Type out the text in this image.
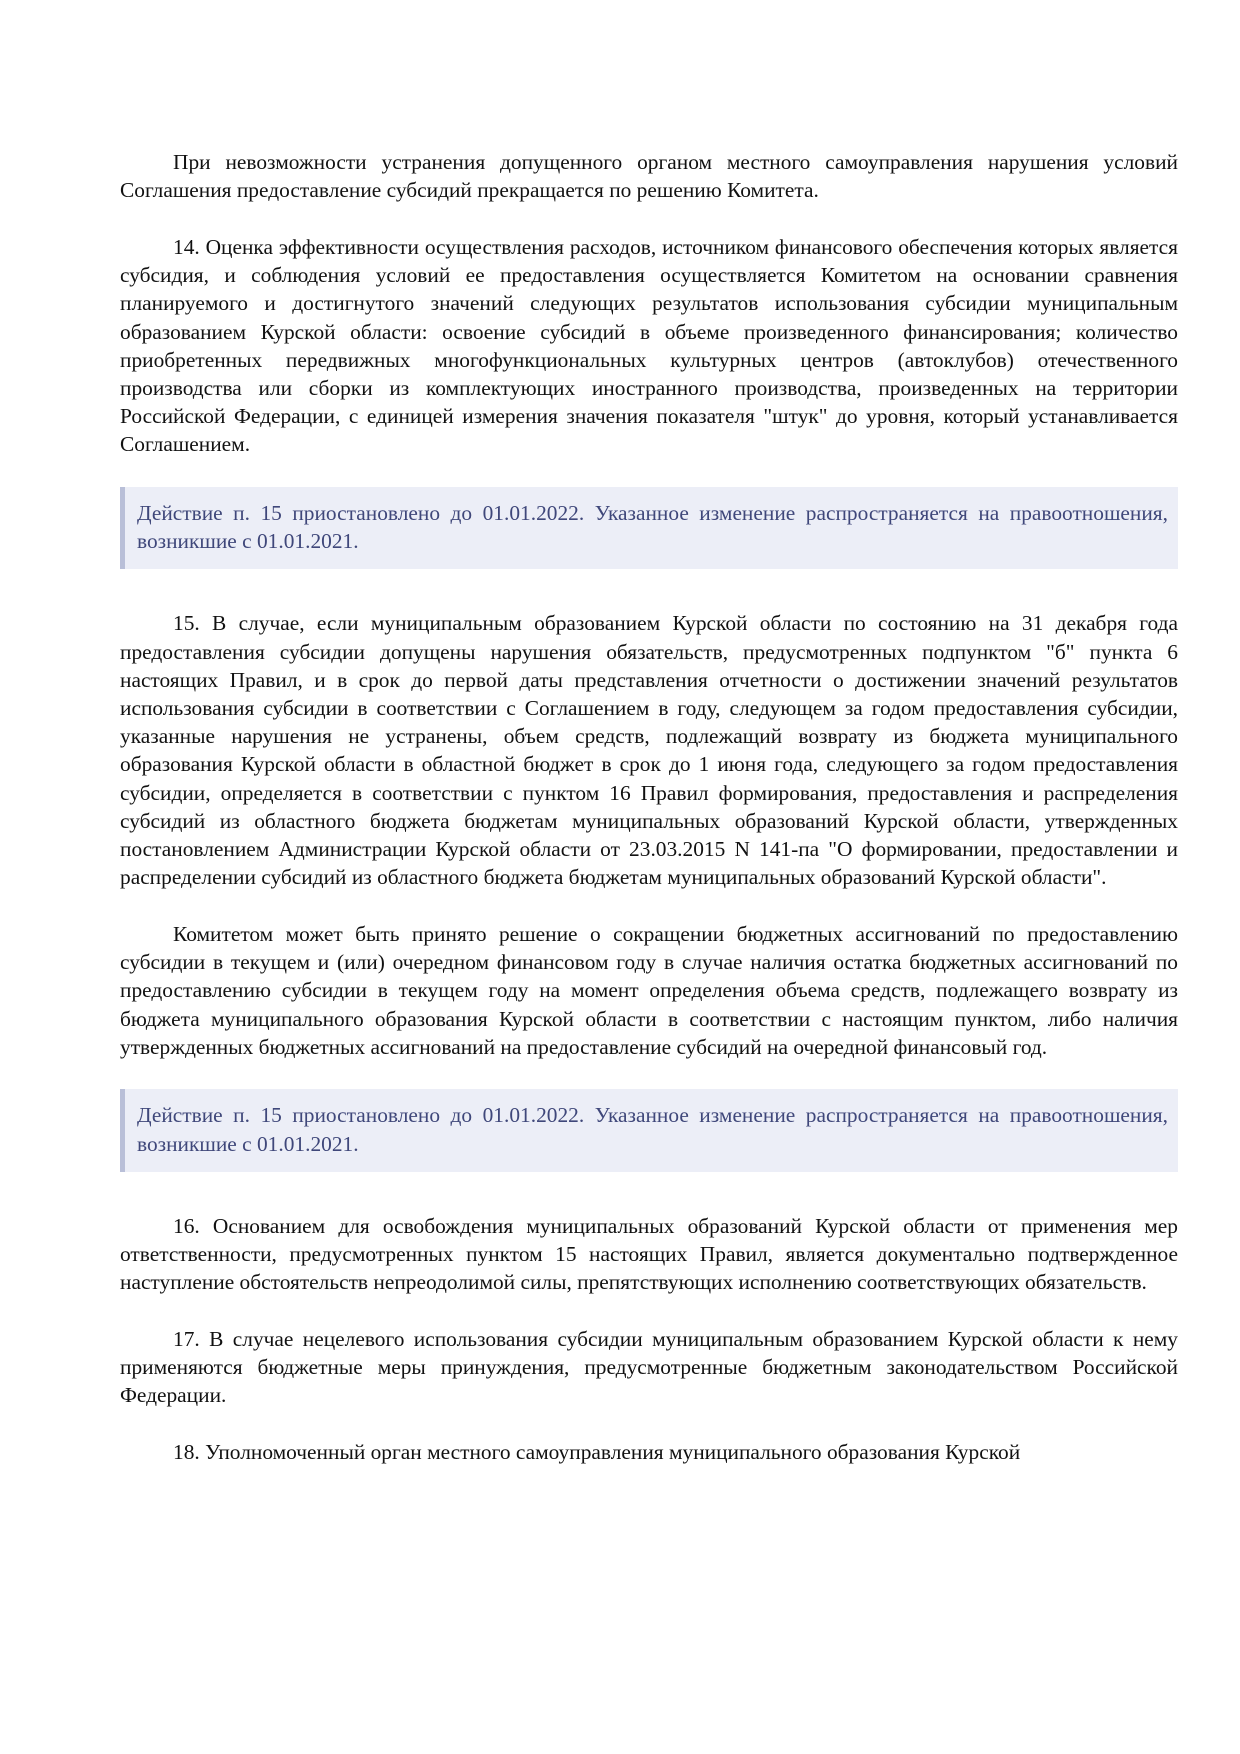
При невозможности устранения допущенного органом местного самоуправления нарушения условий Соглашения предоставление субсидий прекращается по решению Комитета.

14. Оценка эффективности осуществления расходов, источником финансового обеспечения которых является субсидия, и соблюдения условий ее предоставления осуществляется Комитетом на основании сравнения планируемого и достигнутого значений следующих результатов использования субсидии муниципальным образованием Курской области: освоение субсидий в объеме произведенного финансирования; количество приобретенных передвижных многофункциональных культурных центров (автоклубов) отечественного производства или сборки из комплектующих иностранного производства, произведенных на территории Российской Федерации, с единицей измерения значения показателя "штук" до уровня, который устанавливается Соглашением.

Действие п. 15 приостановлено до 01.01.2022. Указанное изменение распространяется на правоотношения, возникшие с 01.01.2021.

15. В случае, если муниципальным образованием Курской области по состоянию на 31 декабря года предоставления субсидии допущены нарушения обязательств, предусмотренных подпунктом "б" пункта 6 настоящих Правил, и в срок до первой даты представления отчетности о достижении значений результатов использования субсидии в соответствии с Соглашением в году, следующем за годом предоставления субсидии, указанные нарушения не устранены, объем средств, подлежащий возврату из бюджета муниципального образования Курской области в областной бюджет в срок до 1 июня года, следующего за годом предоставления субсидии, определяется в соответствии с пунктом 16 Правил формирования, предоставления и распределения субсидий из областного бюджета бюджетам муниципальных образований Курской области, утвержденных постановлением Администрации Курской области от 23.03.2015 N 141-па "О формировании, предоставлении и распределении субсидий из областного бюджета бюджетам муниципальных образований Курской области".

Комитетом может быть принято решение о сокращении бюджетных ассигнований по предоставлению субсидии в текущем и (или) очередном финансовом году в случае наличия остатка бюджетных ассигнований по предоставлению субсидии в текущем году на момент определения объема средств, подлежащего возврату из бюджета муниципального образования Курской области в соответствии с настоящим пунктом, либо наличия утвержденных бюджетных ассигнований на предоставление субсидий на очередной финансовый год.

Действие п. 15 приостановлено до 01.01.2022. Указанное изменение распространяется на правоотношения, возникшие с 01.01.2021.

16. Основанием для освобождения муниципальных образований Курской области от применения мер ответственности, предусмотренных пунктом 15 настоящих Правил, является документально подтвержденное наступление обстоятельств непреодолимой силы, препятствующих исполнению соответствующих обязательств.

17. В случае нецелевого использования субсидии муниципальным образованием Курской области к нему применяются бюджетные меры принуждения, предусмотренные бюджетным законодательством Российской Федерации.

18. Уполномоченный орган местного самоуправления муниципального образования Курской
